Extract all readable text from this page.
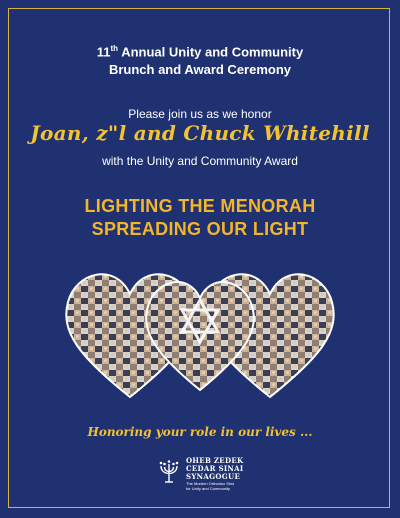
11th Annual Unity and Community
Brunch and Award Ceremony
Please join us as we honor
Joan, z"l and Chuck Whitehill
with the Unity and Community Award
LIGHTING THE MENORAH
SPREADING OUR LIGHT
Honoring your role in our lives ...
OHEB ZEDEK
CEDAR SINAI
SYNAGOGUE
The Modern Orthodox Shul
for Unity and Community
